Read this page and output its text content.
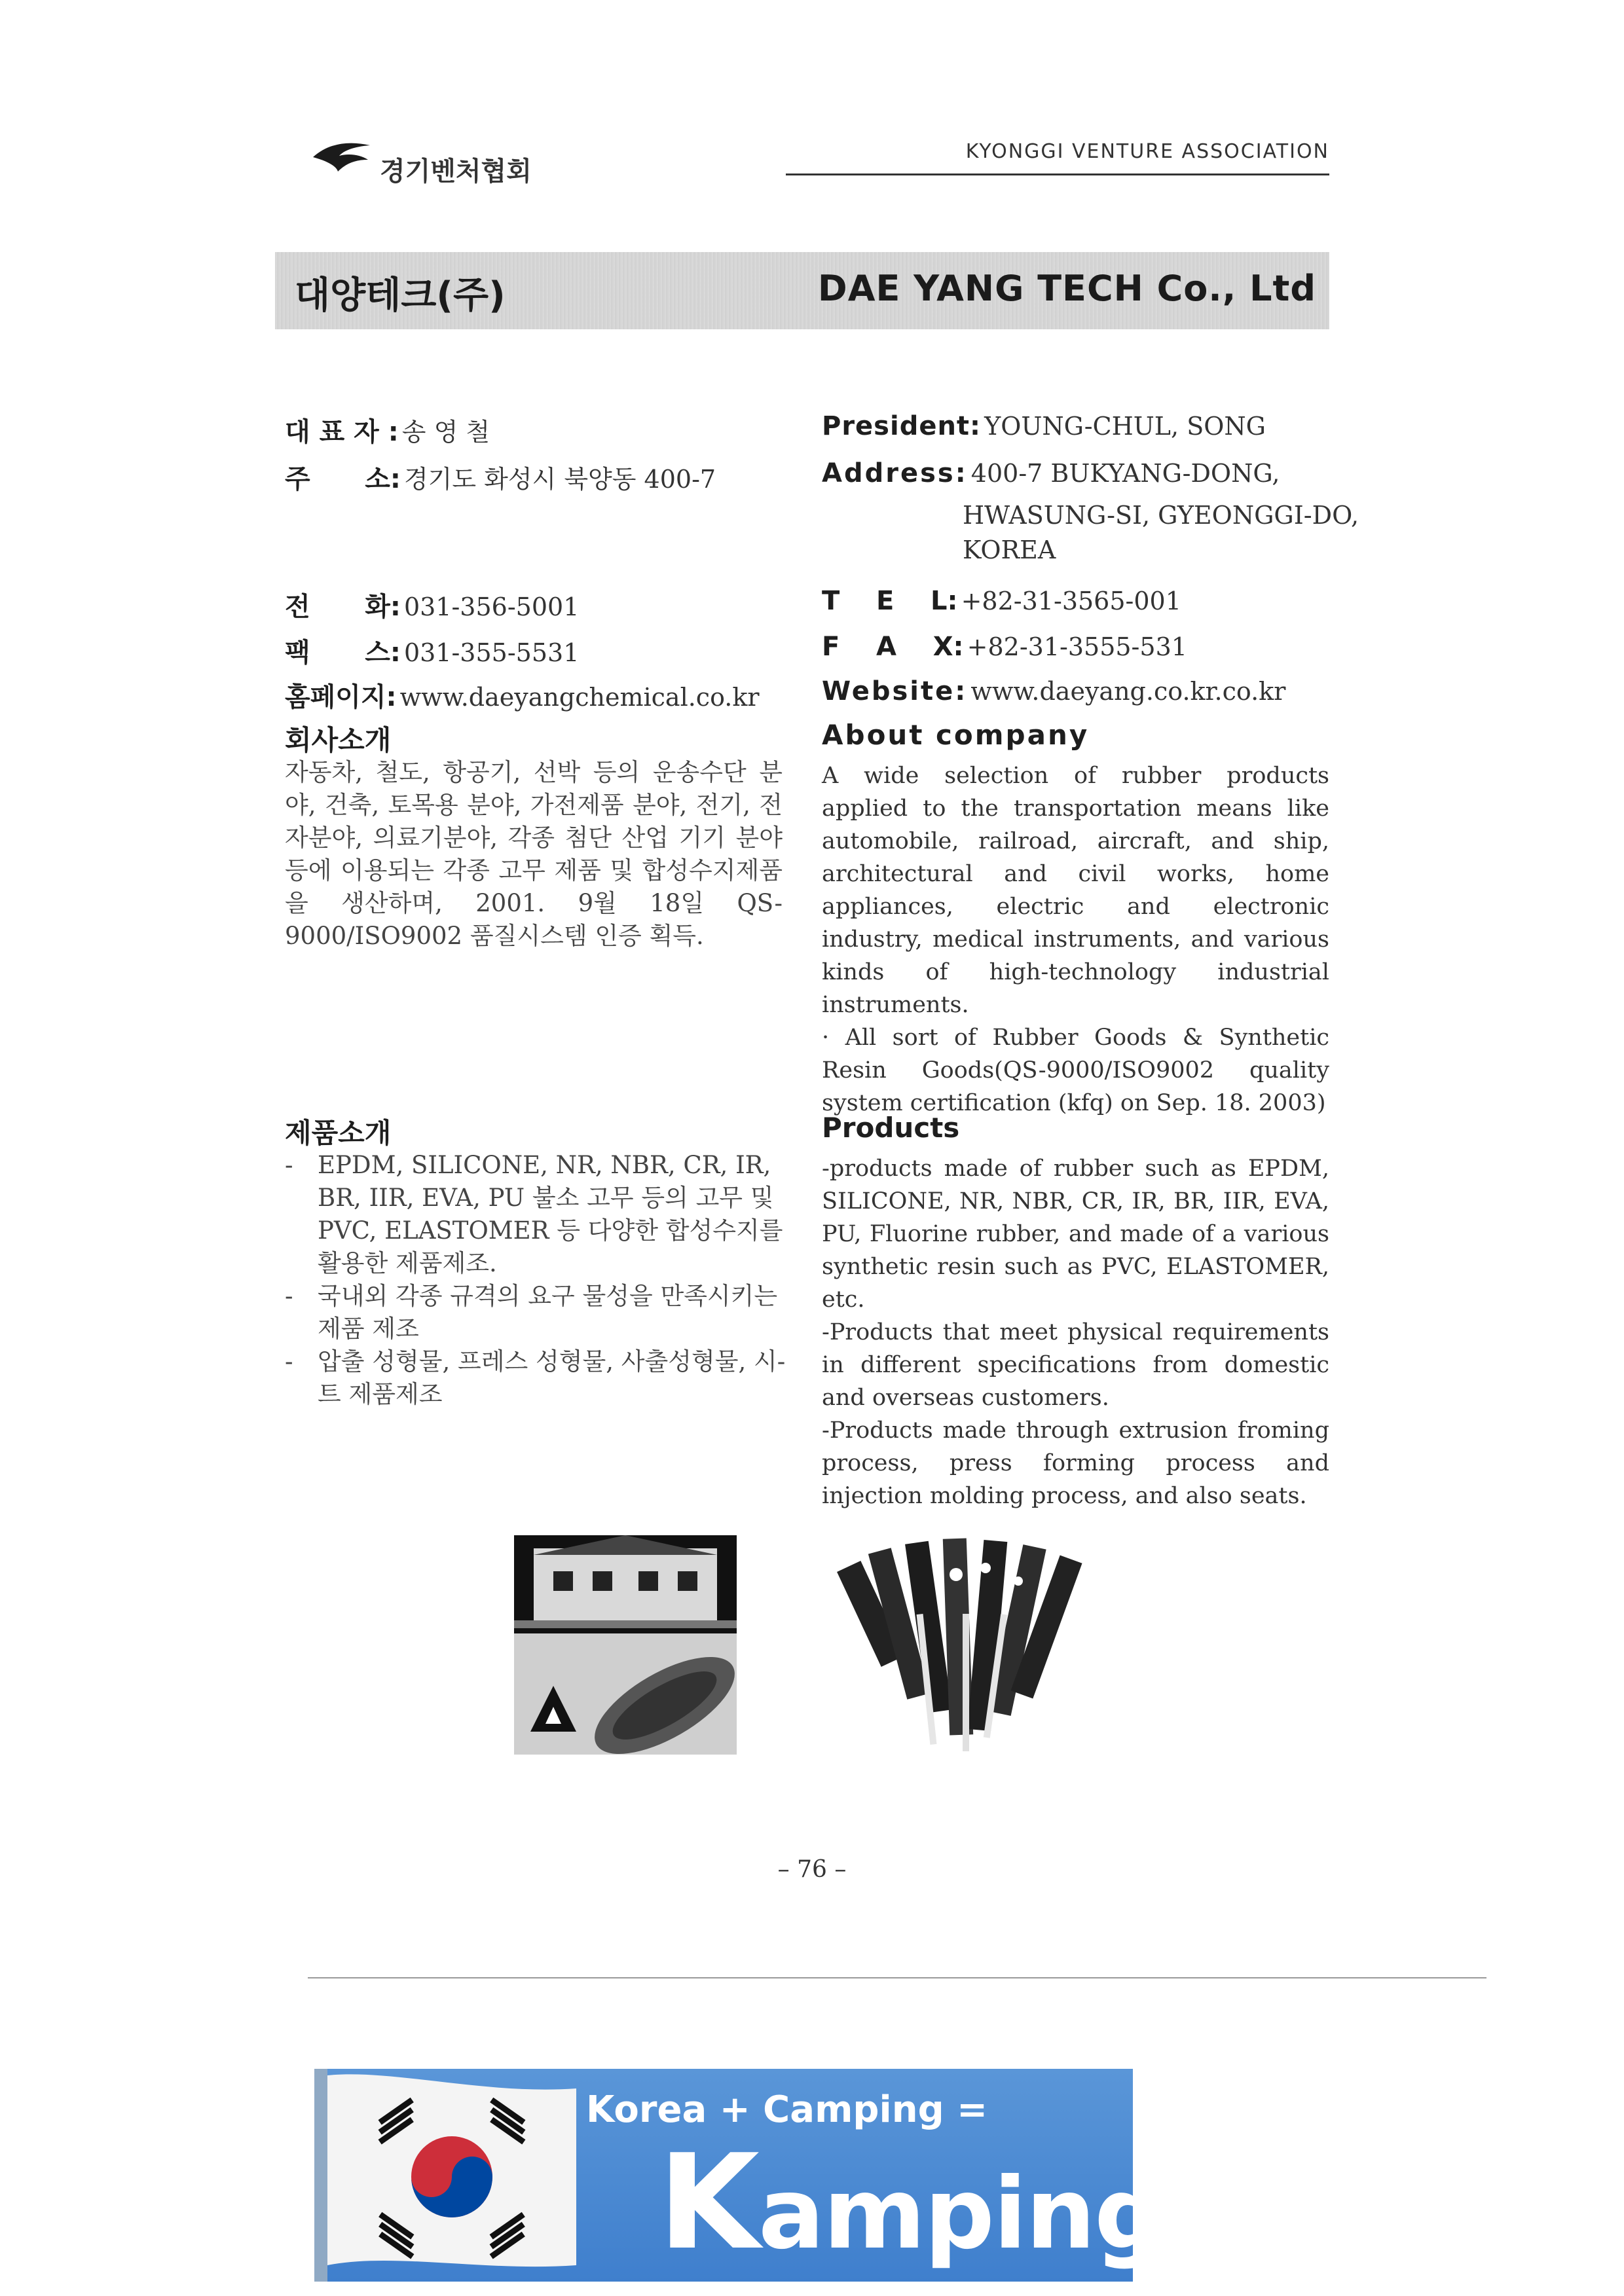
경기벤처협회
KYONGGI VENTURE ASSOCIATION
대양테크(주)	DAE YANG TECH Co., Ltd
대 표 자 : 송 영 철
주      소: 경기도 화성시 북양동 400-7
전      화: 031-356-5001
팩      스: 031-355-5531
홈페이지: www.daeyangchemical.co.kr
President: YOUNG-CHUL, SONG
Address: 400-7 BUKYANG-DONG,
HWASUNG-SI, GYEONGGI-DO,
KOREA
T    E    L: +82-31-3565-001
F    A    X: +82-31-3555-531
Website: www.daeyang.co.kr.co.kr
회사소개

자동차, 철도, 항공기, 선박 등의 운송수단 분야, 건축, 토목용 분야, 가전제품 분야, 전기, 전자분야, 의료기분야, 각종 첨단 산업 기기 분야 등에 이용되는 각종 고무 제품 및 합성수지제품을 생산하며, 2001. 9월 18일 QS-9000/ISO9002 품질시스템 인증 획득.

About company

A wide selection of rubber products applied to the transportation means like automobile, railroad, aircraft, and ship, architectural and civil works, home appliances, electric and electronic industry, medical instruments, and various kinds of high-technology industrial instruments.

· All sort of Rubber Goods & Synthetic Resin Goods(QS-9000/ISO9002 quality system certification (kfq) on Sep. 18. 2003)

제품소개
- EPDM, SILICONE, NR, NBR, CR, IR, BR, IIR, EVA, PU 불소 고무 등의 고무 및 PVC, ELASTOMER 등 다양한 합성수지를 활용한 제품제조.
- 국내외 각종 규격의 요구 물성을 만족시키는 제품 제조
- 압출 성형물, 프레스 성형물, 사출성형물, 시-트 제품제조
Products

-products made of rubber such as EPDM, SILICONE, NR, NBR, CR, IR, BR, IIR, EVA, PU, Fluorine rubber, and made of a various synthetic resin such as PVC, ELASTOMER, etc.

-Products that meet physical requirements in different specifications from domestic and overseas customers.

-Products made through extrusion froming process, press forming process and injection molding process, and also seats.

– 76 –
Korea + Camping =
Kamping.co.kr
